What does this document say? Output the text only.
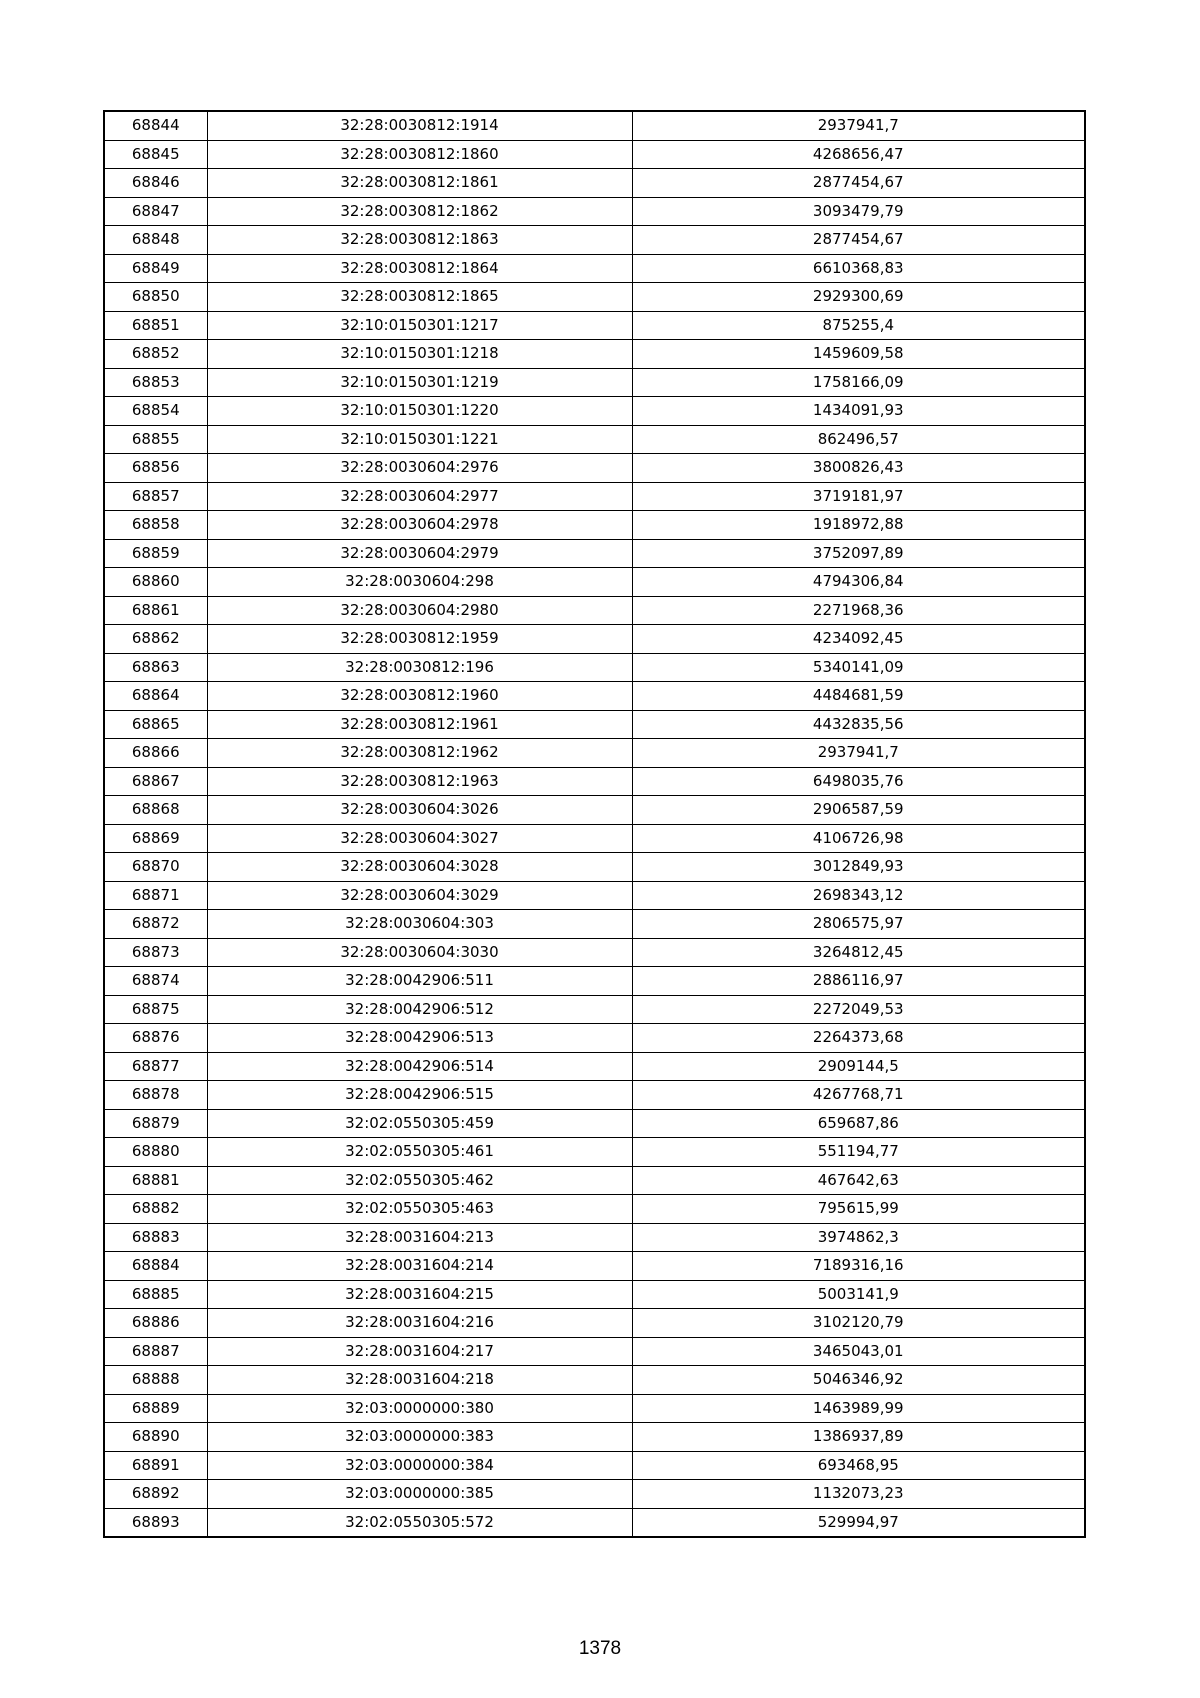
68844	32:28:0030812:1914	2937941,7
68845	32:28:0030812:1860	4268656,47
68846	32:28:0030812:1861	2877454,67
68847	32:28:0030812:1862	3093479,79
68848	32:28:0030812:1863	2877454,67
68849	32:28:0030812:1864	6610368,83
68850	32:28:0030812:1865	2929300,69
68851	32:10:0150301:1217	875255,4
68852	32:10:0150301:1218	1459609,58
68853	32:10:0150301:1219	1758166,09
68854	32:10:0150301:1220	1434091,93
68855	32:10:0150301:1221	862496,57
68856	32:28:0030604:2976	3800826,43
68857	32:28:0030604:2977	3719181,97
68858	32:28:0030604:2978	1918972,88
68859	32:28:0030604:2979	3752097,89
68860	32:28:0030604:298	4794306,84
68861	32:28:0030604:2980	2271968,36
68862	32:28:0030812:1959	4234092,45
68863	32:28:0030812:196	5340141,09
68864	32:28:0030812:1960	4484681,59
68865	32:28:0030812:1961	4432835,56
68866	32:28:0030812:1962	2937941,7
68867	32:28:0030812:1963	6498035,76
68868	32:28:0030604:3026	2906587,59
68869	32:28:0030604:3027	4106726,98
68870	32:28:0030604:3028	3012849,93
68871	32:28:0030604:3029	2698343,12
68872	32:28:0030604:303	2806575,97
68873	32:28:0030604:3030	3264812,45
68874	32:28:0042906:511	2886116,97
68875	32:28:0042906:512	2272049,53
68876	32:28:0042906:513	2264373,68
68877	32:28:0042906:514	2909144,5
68878	32:28:0042906:515	4267768,71
68879	32:02:0550305:459	659687,86
68880	32:02:0550305:461	551194,77
68881	32:02:0550305:462	467642,63
68882	32:02:0550305:463	795615,99
68883	32:28:0031604:213	3974862,3
68884	32:28:0031604:214	7189316,16
68885	32:28:0031604:215	5003141,9
68886	32:28:0031604:216	3102120,79
68887	32:28:0031604:217	3465043,01
68888	32:28:0031604:218	5046346,92
68889	32:03:0000000:380	1463989,99
68890	32:03:0000000:383	1386937,89
68891	32:03:0000000:384	693468,95
68892	32:03:0000000:385	1132073,23
68893	32:02:0550305:572	529994,97
1378
